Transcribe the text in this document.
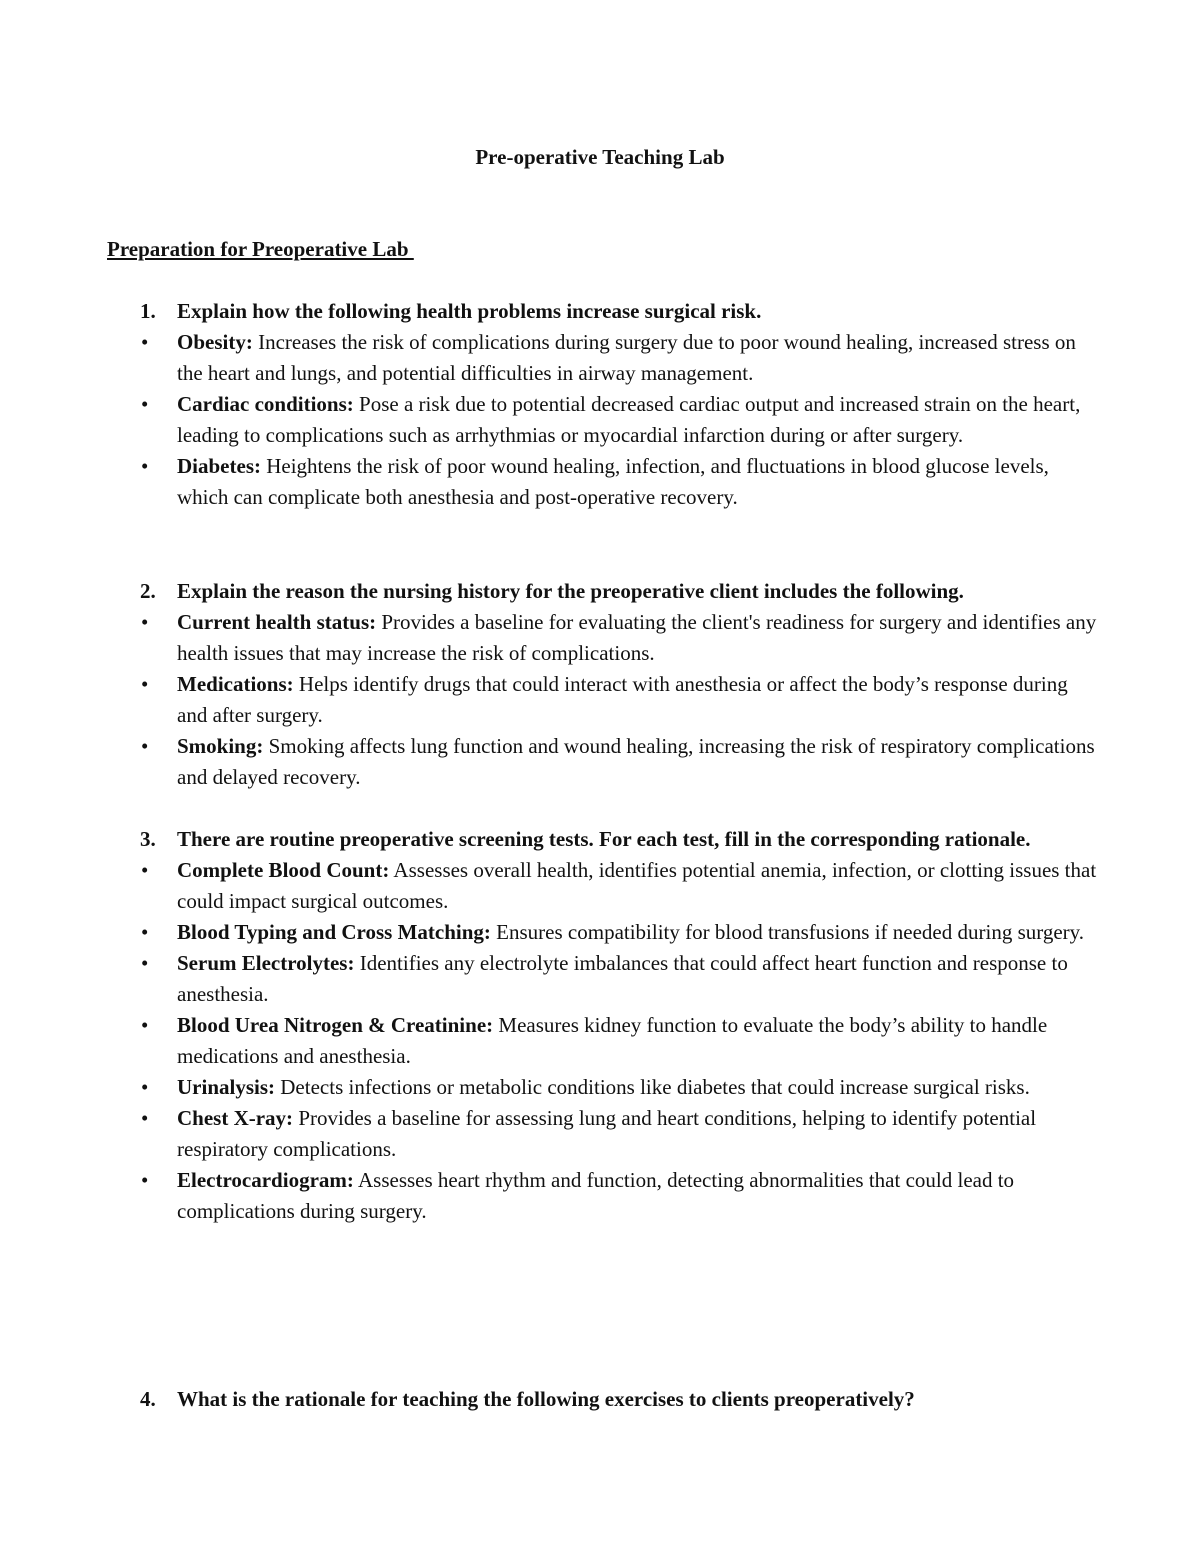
Pre-operative Teaching Lab

Preparation for Preoperative Lab

1. Explain how the following health problems increase surgical risk.

• Obesity: Increases the risk of complications during surgery due to poor wound healing, increased stress on the heart and lungs, and potential difficulties in airway management.
• Cardiac conditions: Pose a risk due to potential decreased cardiac output and increased strain on the heart, leading to complications such as arrhythmias or myocardial infarction during or after surgery.
• Diabetes: Heightens the risk of poor wound healing, infection, and fluctuations in blood glucose levels, which can complicate both anesthesia and post-operative recovery.

2. Explain the reason the nursing history for the preoperative client includes the following.

• Current health status: Provides a baseline for evaluating the client's readiness for surgery and identifies any health issues that may increase the risk of complications.
• Medications: Helps identify drugs that could interact with anesthesia or affect the body’s response during and after surgery.
• Smoking: Smoking affects lung function and wound healing, increasing the risk of respiratory complications and delayed recovery.

3. There are routine preoperative screening tests. For each test, fill in the corresponding rationale.

• Complete Blood Count: Assesses overall health, identifies potential anemia, infection, or clotting issues that could impact surgical outcomes.
• Blood Typing and Cross Matching: Ensures compatibility for blood transfusions if needed during surgery.
• Serum Electrolytes: Identifies any electrolyte imbalances that could affect heart function and response to anesthesia.
• Blood Urea Nitrogen & Creatinine: Measures kidney function to evaluate the body’s ability to handle medications and anesthesia.
• Urinalysis: Detects infections or metabolic conditions like diabetes that could increase surgical risks.
• Chest X-ray: Provides a baseline for assessing lung and heart conditions, helping to identify potential respiratory complications.
• Electrocardiogram: Assesses heart rhythm and function, detecting abnormalities that could lead to complications during surgery.

4. What is the rationale for teaching the following exercises to clients preoperatively?
